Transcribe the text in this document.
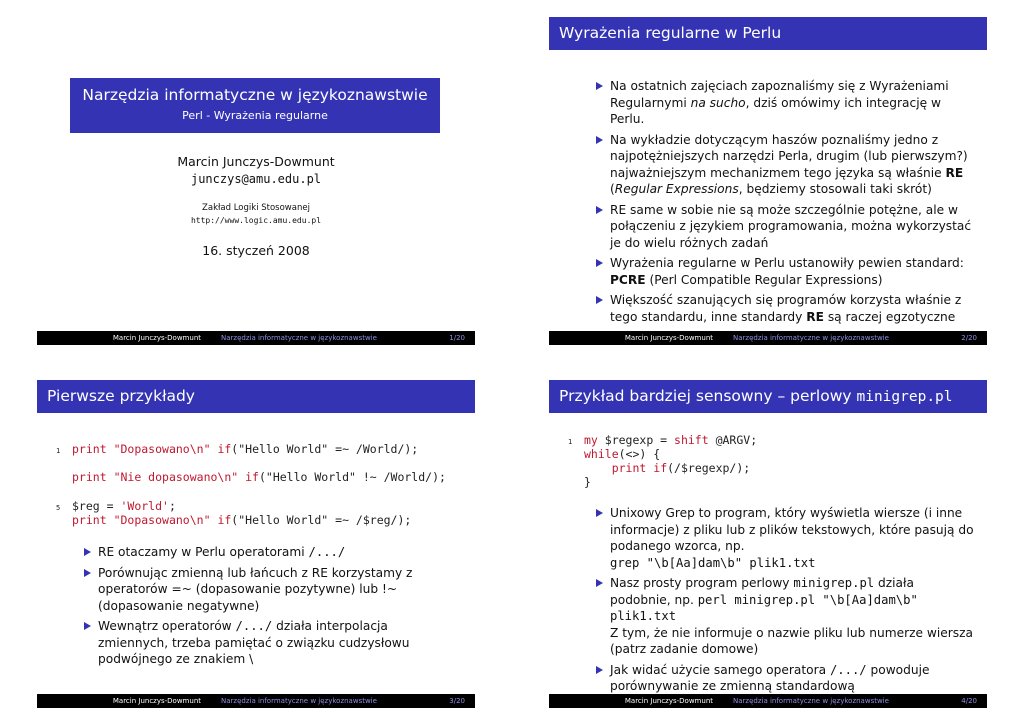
Narzędzia informatyczne w językoznawstwie
Perl - Wyrażenia regularne
Marcin Junczys-Dowmunt
junczys@amu.edu.pl
Zakład Logiki Stosowanej
http://www.logic.amu.edu.pl
16. styczeń 2008
Marcin Junczys-Dowmunt	Narzędzia informatyczne w językoznawstwie	1/20
Wyrażenia regularne w Perlu
Na ostatnich zajęciach zapoznaliśmy się z Wyrażeniami Regularnymi na sucho, dziś omówimy ich integrację w Perlu.
Na wykładzie dotyczącym haszów poznaliśmy jedno z najpotężniejszych narzędzi Perla, drugim (lub pierwszym?) najważniejszym mechanizmem tego języka są właśnie RE (Regular Expressions, będziemy stosowali taki skrót)
RE same w sobie nie są może szczególnie potężne, ale w połączeniu z językiem programowania, można wykorzystać je do wielu różnych zadań
Wyrażenia regularne w Perlu ustanowiły pewien standard: PCRE (Perl Compatible Regular Expressions)
Większość szanujących się programów korzysta właśnie z tego standardu, inne standardy RE są raczej egzotyczne
Marcin Junczys-Dowmunt	Narzędzia informatyczne w językoznawstwie	2/20
Pierwsze przykłady
1 print "Dopasowano\n" if("Hello World" =~ /World/);
print "Nie dopasowano\n" if("Hello World" !~ /World/);
5 $reg = 'World';
print "Dopasowano\n" if("Hello World" =~ /$reg/);
RE otaczamy w Perlu operatorami /.../
Porównując zmienną lub łańcuch z RE korzystamy z operatorów =~ (dopasowanie pozytywne) lub !~ (dopasowanie negatywne)
Wewnątrz operatorów /.../ działa interpolacja zmiennych, trzeba pamiętać o związku cudzysłowu podwójnego ze znakiem \
Marcin Junczys-Dowmunt	Narzędzia informatyczne w językoznawstwie	3/20
Przykład bardziej sensowny – perlowy minigrep.pl
1 my $regexp = shift @ARGV;
while(<>) {
print if(/$regexp/);
}
Unixowy Grep to program, który wyświetla wiersze (i inne informacje) z pliku lub z plików tekstowych, które pasują do podanego wzorca, np.
grep "\b[Aa]dam\b" plik1.txt
Nasz prosty program perlowy minigrep.pl działa podobnie, np. perl minigrep.pl "\b[Aa]dam\b" plik1.txt
Z tym, że nie informuje o nazwie pliku lub numerze wiersza (patrz zadanie domowe)
Jak widać użycie samego operatora /.../ powoduje porównywanie ze zmienną standardową
Marcin Junczys-Dowmunt	Narzędzia informatyczne w językoznawstwie	4/20
